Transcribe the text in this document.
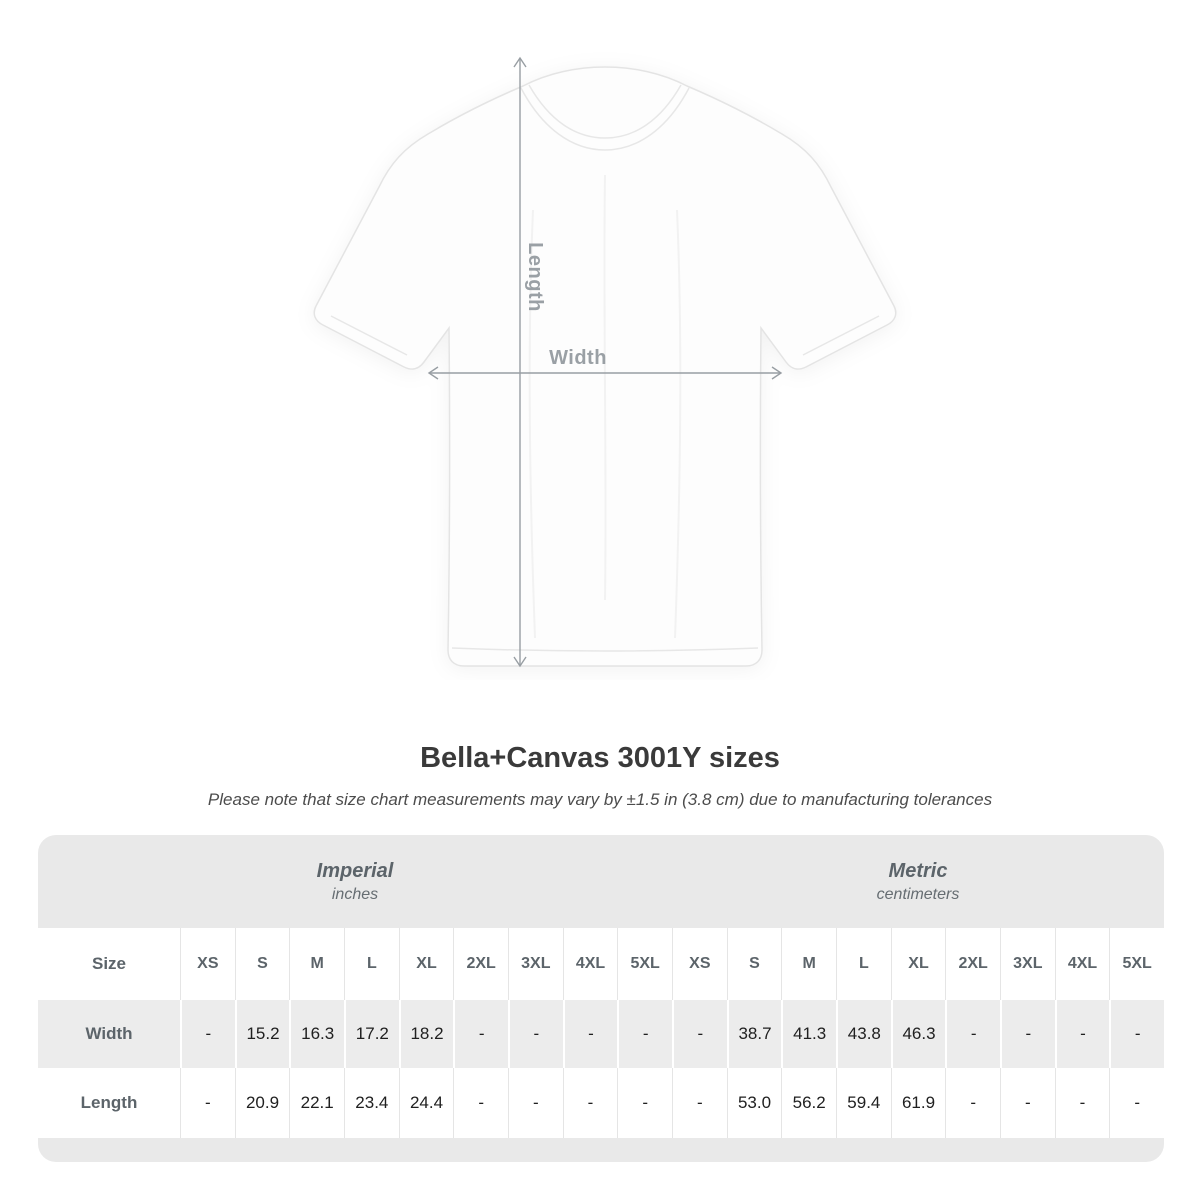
Length
Width
Bella+Canvas 3001Y sizes

Please note that size chart measurements may vary by ±1.5 in (3.8 cm) due to manufacturing tolerances

Imperial
inches
Metric
centimeters
Size	XS	S	M	L	XL	2XL	3XL	4XL	5XL	XS	S	M	L	XL	2XL	3XL	4XL	5XL
Width	-	15.2	16.3	17.2	18.2	-	-	-	-	-	38.7	41.3	43.8	46.3	-	-	-	-
Length	-	20.9	22.1	23.4	24.4	-	-	-	-	-	53.0	56.2	59.4	61.9	-	-	-	-
